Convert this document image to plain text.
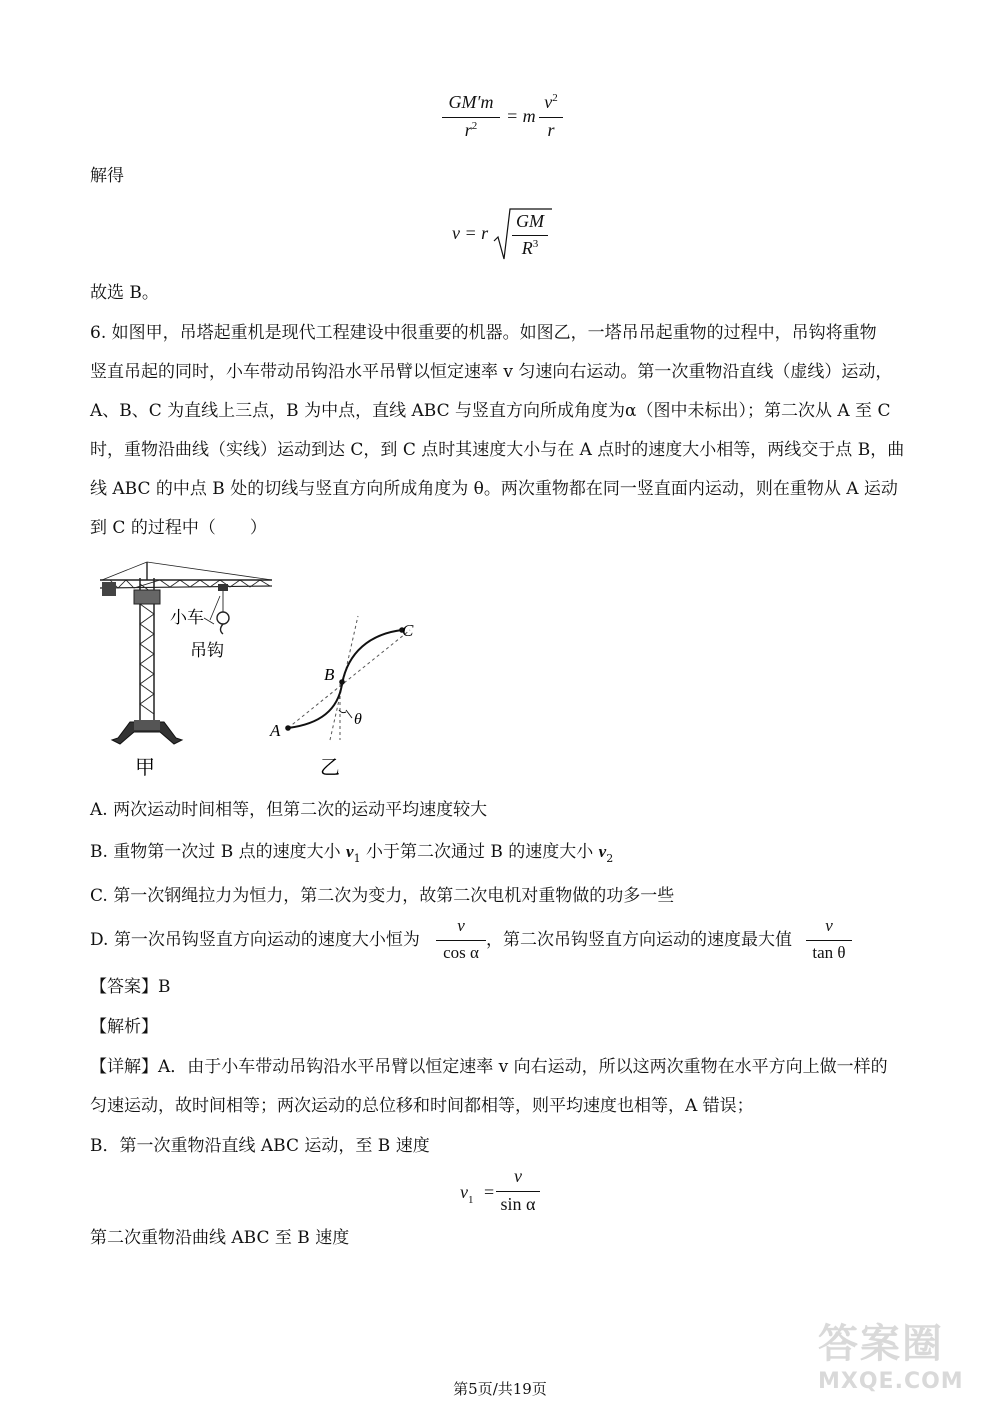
GM′m
$r^2$	= m
$v^2$
r
解得
v = r
GM
$R^3$
故选 B。
6. 如图甲，吊塔起重机是现代工程建设中很重要的机器。如图乙，一塔吊吊起重物的过程中，吊钩将重物
竖直吊起的同时，小车带动吊钩沿水平吊臂以恒定速率 v 匀速向右运动。第一次重物沿直线（虚线）运动，
A、B、C 为直线上三点，B 为中点，直线 ABC 与竖直方向所成角度为α（图中未标出）；第二次从 A 至 C
时，重物沿曲线（实线）运动到达 C，到 C 点时其速度大小与在 A 点时的速度大小相等，两线交于点 B，曲
线 ABC 的中点 B 处的切线与竖直方向所成角度为 θ。两次重物都在同一竖直面内运动，则在重物从 A 运动
到 C 的过程中（　　）
小车
吊钩
A
B
C
θ
甲	乙
A. 两次运动时间相等，但第二次的运动平均速度较大
B. 重物第一次过 B 点的速度大小 $v_1$ 小于第二次通过 B 的速度大小 $v_2$
C. 第一次钢绳拉力为恒力，第二次为变力，故第二次电机对重物做的功多一些
D. 第一次吊钩竖直方向运动的速度大小恒为
v
cos α
，第二次吊钩竖直方向运动的速度最大值
v
tan θ
【答案】B
【解析】
【详解】A．由于小车带动吊钩沿水平吊臂以恒定速率 v 向右运动，所以这两次重物在水平方向上做一样的
匀速运动，故时间相等；两次运动的总位移和时间都相等，则平均速度也相等，A 错误；
B．第一次重物沿直线 ABC 运动，至 B 速度
$v_1$ =
v
sin α
第二次重物沿曲线 ABC 至 B 速度
第5页/共19页
答案圈
MXQE.COM
